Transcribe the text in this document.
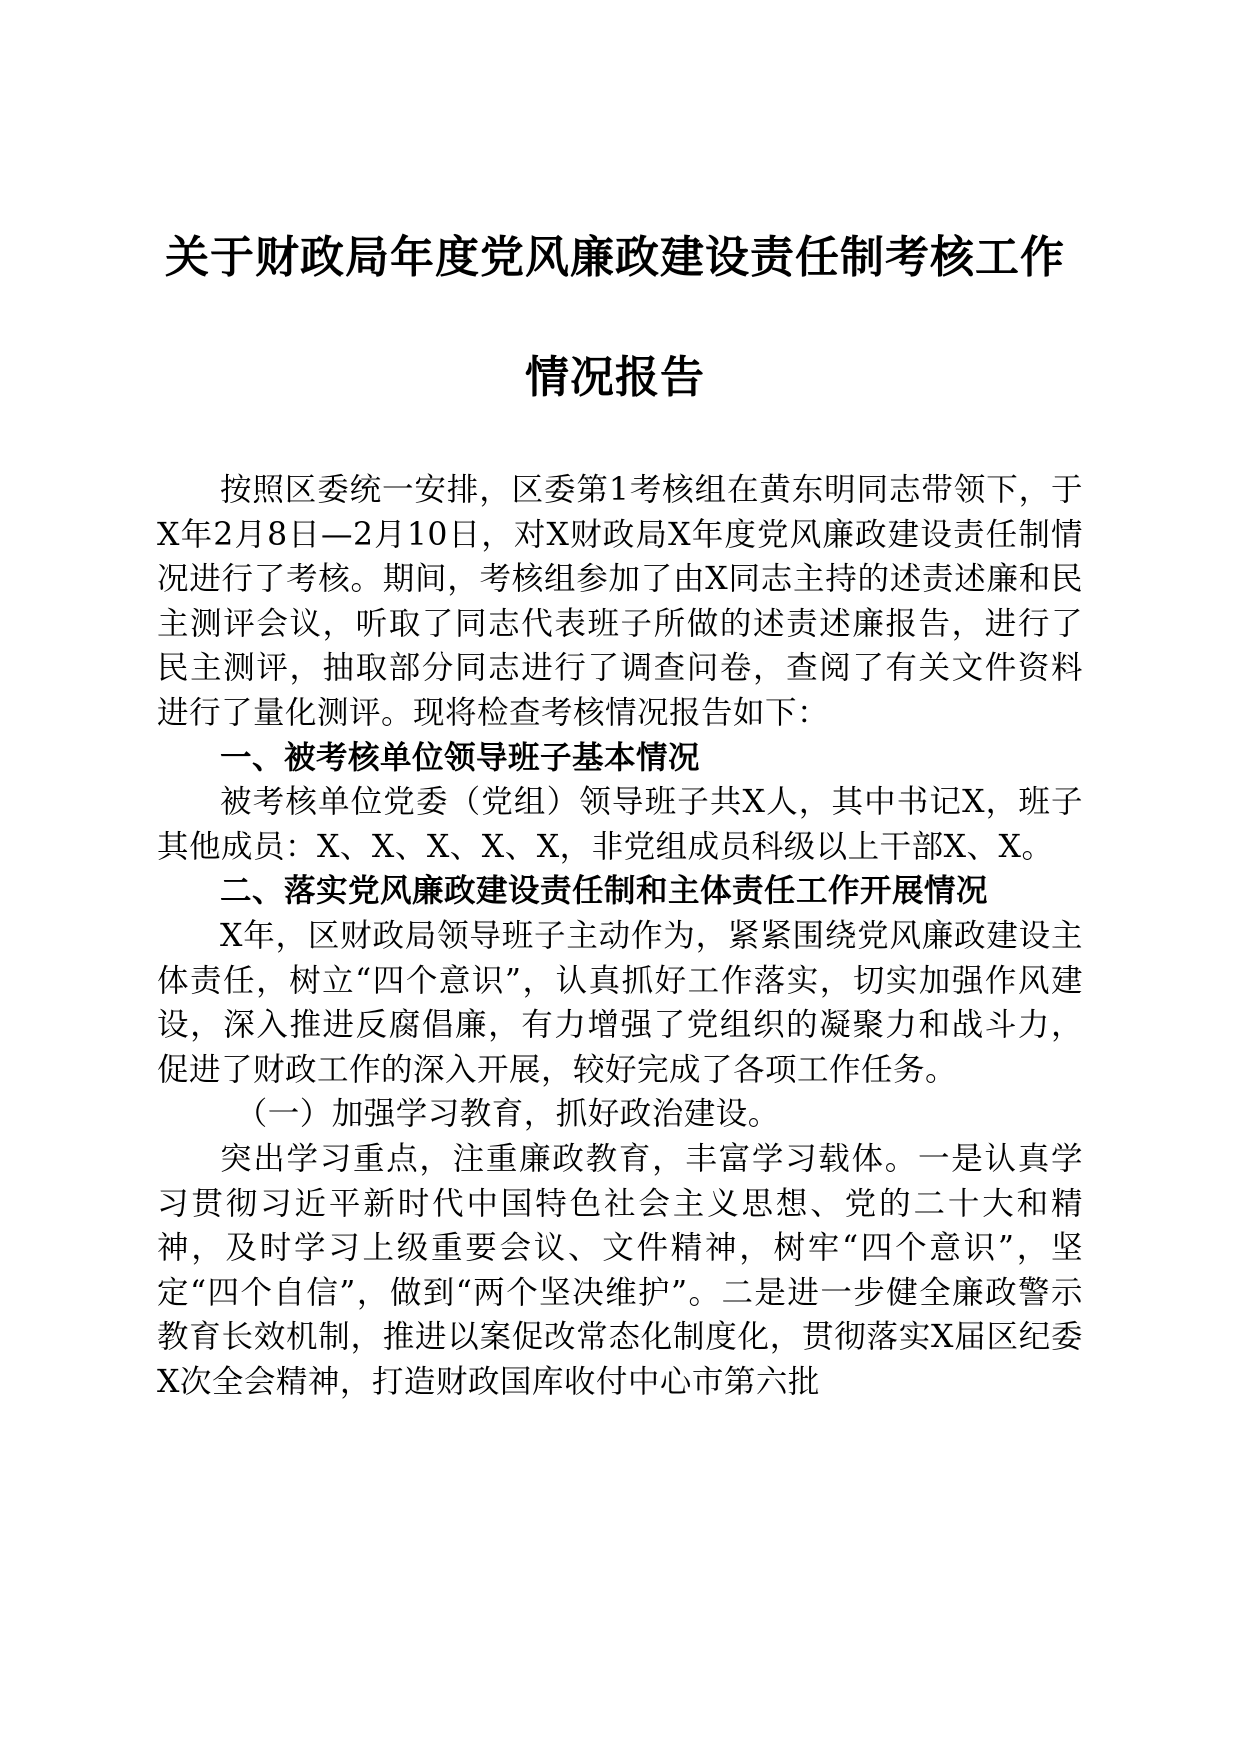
关于财政局年度党风廉政建设责任制考核工作
情况报告

按照区委统一安排，区委第1考核组在黄东明同志带领下，于X年2月8日—2月10日，对X财政局X年度党风廉政建设责任制情况进行了考核。期间，考核组参加了由X同志主持的述责述廉和民主测评会议，听取了同志代表班子所做的述责述廉报告，进行了民主测评，抽取部分同志进行了调查问卷，查阅了有关文件资料进行了量化测评。现将检查考核情况报告如下：

一、被考核单位领导班子基本情况

被考核单位党委（党组）领导班子共X人，其中书记X，班子其他成员：X、X、X、X、X，非党组成员科级以上干部X、X。

二、落实党风廉政建设责任制和主体责任工作开展情况

X年，区财政局领导班子主动作为，紧紧围绕党风廉政建设主体责任，树立“四个意识”，认真抓好工作落实，切实加强作风建设，深入推进反腐倡廉，有力增强了党组织的凝聚力和战斗力，促进了财政工作的深入开展，较好完成了各项工作任务。

（一）加强学习教育，抓好政治建设。

突出学习重点，注重廉政教育，丰富学习载体。一是认真学习贯彻习近平新时代中国特色社会主义思想、党的二十大和精神，及时学习上级重要会议、文件精神，树牢“四个意识”，坚定“四个自信”，做到“两个坚决维护”。二是进一步健全廉政警示教育长效机制，推进以案促改常态化制度化，贯彻落实X届区纪委X次全会精神，打造财政国库收付中心市第六批
